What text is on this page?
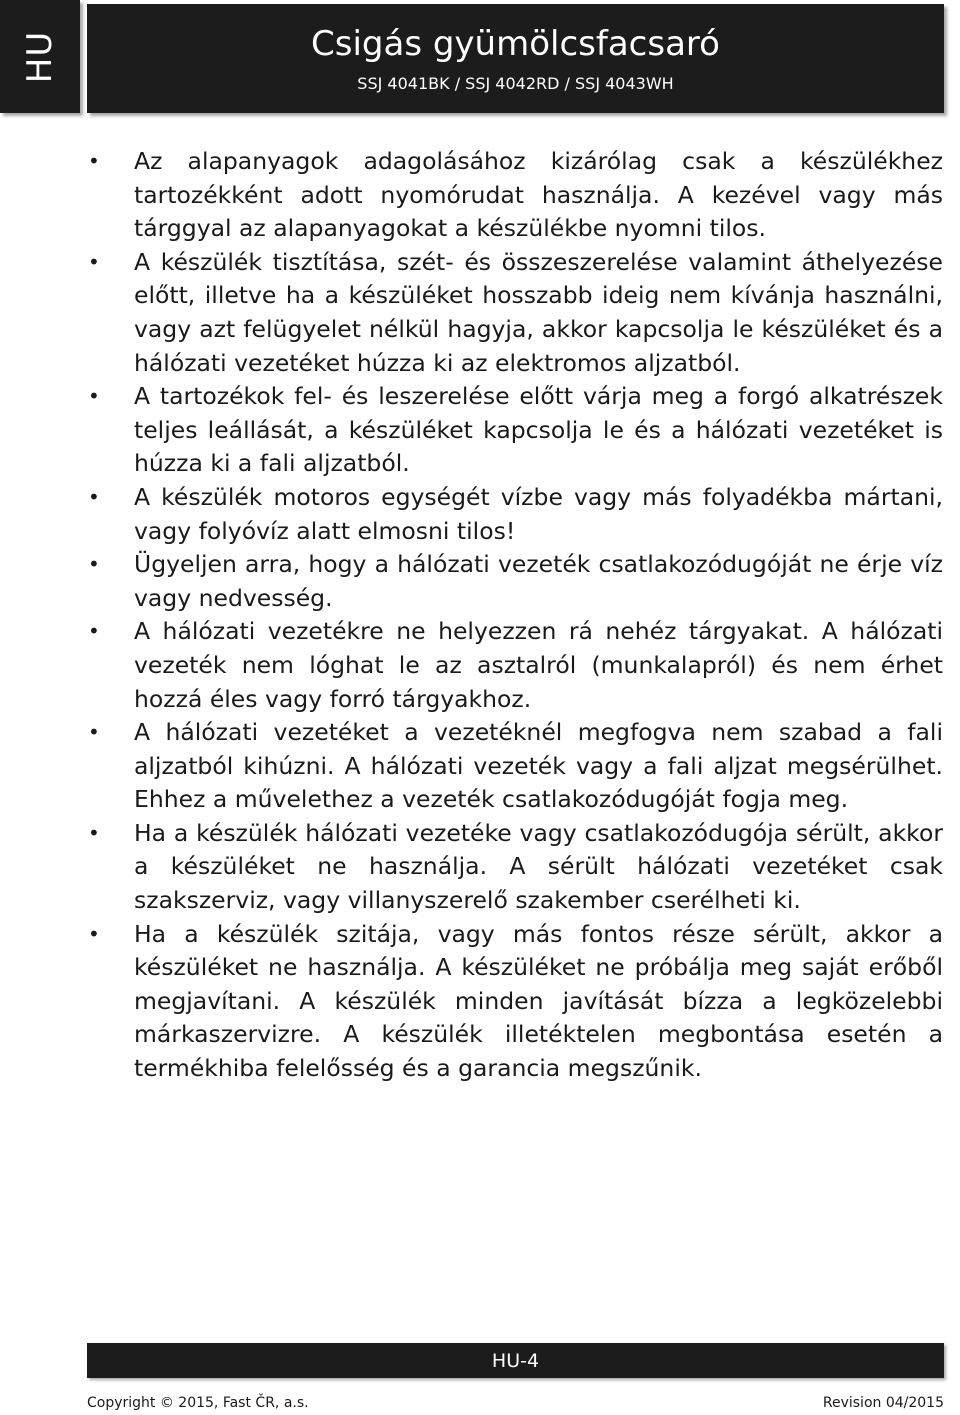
HU	Csigás gyümölcsfacsaró
SSJ 4041BK / SSJ 4042RD / SSJ 4043WH
•	Az alapanyagok adagolásához kizárólag csak a készülékhez tartozékként adott nyomórudat használja. A kezével vagy más tárggyal az alapanyagokat a készülékbe nyomni tilos.
•	A készülék tisztítása, szét- és összeszerelése valamint áthelyezése előtt, illetve ha a készüléket hosszabb ideig nem kívánja használni, vagy azt felügyelet nélkül hagyja, akkor kapcsolja le készüléket és a hálózati vezetéket húzza ki az elektromos aljzatból.
•	A tartozékok fel- és leszerelése előtt várja meg a forgó alkatrészek teljes leállását, a készüléket kapcsolja le és a hálózati vezetéket is húzza ki a fali aljzatból.
•	A készülék motoros egységét vízbe vagy más folyadékba mártani, vagy folyóvíz alatt elmosni tilos!
•	Ügyeljen arra, hogy a hálózati vezeték csatlakozódugóját ne érje víz vagy nedvesség.
•	A hálózati vezetékre ne helyezzen rá nehéz tárgyakat. A hálózati vezeték nem lóghat le az asztalról (munkalapról) és nem érhet hozzá éles vagy forró tárgyakhoz.
•	A hálózati vezetéket a vezetéknél megfogva nem szabad a fali aljzatból kihúzni. A hálózati vezeték vagy a fali aljzat megsérülhet. Ehhez a művelethez a vezeték csatlakozódugóját fogja meg.
•	Ha a készülék hálózati vezetéke vagy csatlakozódugója sérült, akkor a készüléket ne használja. A sérült hálózati vezetéket csak szakszerviz, vagy villanyszerelő szakember cserélheti ki.
•	Ha a készülék szitája, vagy más fontos része sérült, akkor a készüléket ne használja. A készüléket ne próbálja meg saját erőből megjavítani. A készülék minden javítását bízza a legközelebbi márkaszervizre. A készülék illetéktelen megbontása esetén a termékhiba felelősség és a garancia megszűnik.
HU-4
Copyright © 2015, Fast ČR, a.s.	Revision 04/2015
